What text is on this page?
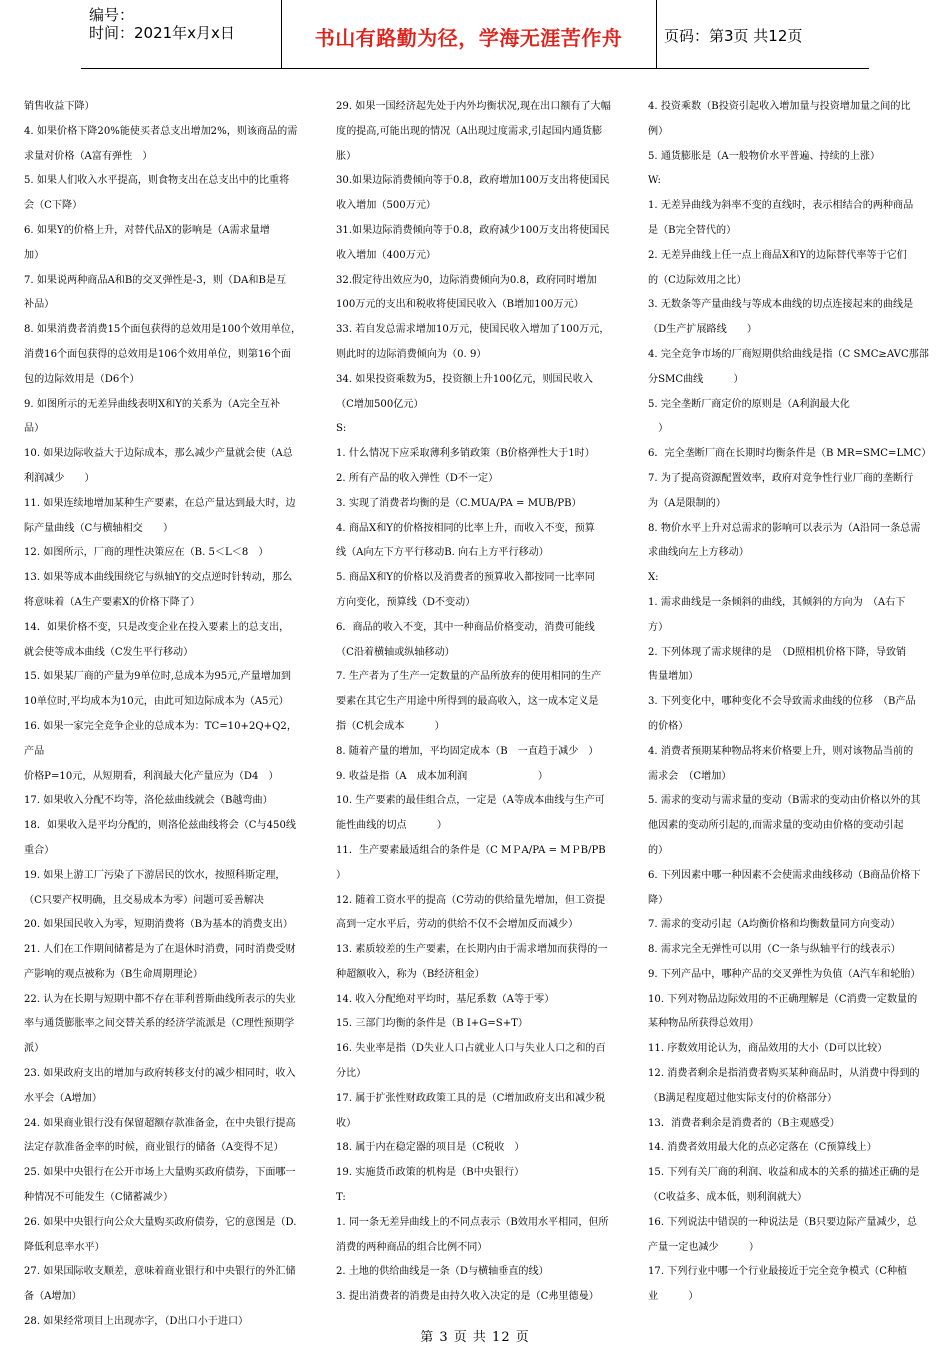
编号：
时间：2021年x月x日	书山有路勤为径，学海无涯苦作舟	页码：第3页 共12页
销售收益下降）
4. 如果价格下降20%能使买者总支出增加2%，则该商品的需
求量对价格（A富有弹性　）
5. 如果人们收入水平提高，则食物支出在总支出中的比重将
会（C下降）
6. 如果Y的价格上升，对替代品X的影响是（A需求量增
加）
7. 如果说两种商品A和B的交叉弹性是-3，则（DA和B是互
补品）
8. 如果消费者消费15个面包获得的总效用是100个效用单位，
消费16个面包获得的总效用是106个效用单位，则第16个面
包的边际效用是（D6个）
9. 如图所示的无差异曲线表明X和Y的关系为（A完全互补
品）
10. 如果边际收益大于边际成本，那么减少产量就会使（A总
利润减少　　）
11. 如果连续地增加某种生产要素，在总产量达到最大时，边
际产量曲线（C与横轴相交　　）
12. 如图所示，厂商的理性决策应在（B. 5＜L＜8　）
13. 如果等成本曲线围绕它与纵轴Y的交点逆时针转动，那么
将意味着（A生产要素X的价格下降了）
14．如果价格不变，只是改变企业在投入要素上的总支出，
就会使等成本曲线（C发生平行移动）
15. 如果某厂商的产量为9单位时,总成本为95元,产量增加到
10单位时,平均成本为10元，由此可知边际成本为（A5元）
16. 如果一家完全竞争企业的总成本为：TC=10+2Q+Q2，产品
价格P=10元，从短期看，利润最大化产量应为（D4　）
17. 如果收入分配不均等，洛伦兹曲线就会（B越弯曲）
18．如果收入是平均分配的，则洛伦兹曲线将会（C与450线
重合）
19. 如果上游工厂污染了下游居民的饮水，按照科斯定理，
（C只要产权明确，且交易成本为零）问题可妥善解决
20. 如果国民收入为零，短期消费将（B为基本的消费支出）
21. 人们在工作期间储蓄是为了在退休时消费，同时消费受财
产影响的观点被称为（B生命周期理论）
22. 认为在长期与短期中都不存在菲利普斯曲线所表示的失业
率与通货膨胀率之间交替关系的经济学流派是（C理性预期学
派）
23. 如果政府支出的增加与政府转移支付的减少相同时，收入
水平会（A增加）
24. 如果商业银行没有保留超额存款准备金，在中央银行提高
法定存款准备金率的时候，商业银行的储备（A变得不足）
25. 如果中央银行在公开市场上大量购买政府债券，下面哪一
种情况不可能发生（C储蓄减少）
26. 如果中央银行向公众大量购买政府债券，它的意图是（D.
降低利息率水平）
27. 如果国际收支顺差，意味着商业银行和中央银行的外汇储
备（A增加）
28. 如果经常项目上出现赤字，（D出口小于进口）
29. 如果一国经济起先处于内外均衡状况,现在出口额有了大幅
度的提高,可能出现的情况（A出现过度需求,引起国内通货膨
胀）
30.如果边际消费倾向等于0.8，政府增加100万支出将使国民
收入增加（500万元）
31.如果边际消费倾向等于0.8，政府减少100万支出将使国民
收入增加（400万元）
32.假定待出效应为0，边际消费倾向为0.8，政府同时增加
100万元的支出和税收将使国民收入（B增加100万元）
33. 若自发总需求增加10万元，使国民收入增加了100万元，
则此时的边际消费倾向为（0. 9）
34. 如果投资乘数为5，投资额上升100亿元，则国民收入
（C增加500亿元）
S:
1. 什么情况下应采取薄利多销政策（B价格弹性大于1时）
2. 所有产品的收入弹性（D不一定）
3. 实现了消费者均衡的是（C.MUA/PA = MUB/PB）
4. 商品X和Y的价格按相同的比率上升，而收入不变，预算
线（A向左下方平行移动B. 向右上方平行移动）
5. 商品X和Y的价格以及消费者的预算收入都按同一比率同
方向变化，预算线（D不变动）
6．商品的收入不变，其中一种商品价格变动，消费可能线
（C沿着横轴或纵轴移动）
7. 生产者为了生产一定数量的产品所放弃的使用相同的生产
要素在其它生产用途中所得到的最高收入，这一成本定义是
指（C机会成本　　　）
8. 随着产量的增加，平均固定成本（B　一直趋于减少　）
9. 收益是指（A　成本加利润　　　　　　　）
10. 生产要素的最佳组合点，一定是（A等成本曲线与生产可
能性曲线的切点　　　）
11．生产要素最适组合的条件是（C MＰA/PA = MＰB/PB
）
12. 随着工资水平的提高（C劳动的供给量先增加，但工资提
高到一定水平后，劳动的供给不仅不会增加反而减少）
13. 素质较差的生产要素，在长期内由于需求增加而获得的一
种超额收入，称为（B经济租金）
14. 收入分配绝对平均时，基尼系数（A等于零）
15. 三部门均衡的条件是（B I+G=S+T）
16. 失业率是指（D失业人口占就业人口与失业人口之和的百
分比）
17. 属于扩张性财政政策工具的是（C增加政府支出和减少税
收）
18. 属于内在稳定器的项目是（C税收　）
19. 实施货币政策的机构是（B中央银行）
T:
1. 同一条无差异曲线上的不同点表示（B效用水平相同，但所
消费的两种商品的组合比例不同）
2. 土地的供给曲线是一条（D与横轴垂直的线）
3. 提出消费者的消费是由持久收入决定的是（C弗里德曼）
4. 投资乘数（B投资引起收入增加量与投资增加量之间的比
例）
5. 通货膨胀是（A一般物价水平普遍、持续的上涨）
W:
1. 无差异曲线为斜率不变的直线时，表示相结合的两种商品
是（B完全替代的）
2. 无差异曲线上任一点上商品X和Y的边际替代率等于它们
的（C边际效用之比）
3. 无数条等产量曲线与等成本曲线的切点连接起来的曲线是
（D生产扩展路线　　）
4. 完全竞争市场的厂商短期供给曲线是指（C SMC≥AVC那部
分SMC曲线　　　）
5. 完全垄断厂商定价的原则是（A利润最大化
　）
6．完全垄断厂商在长期时均衡条件是（B MR=SMC=LMC）
7. 为了提高资源配置效率，政府对竞争性行业厂商的垄断行
为（A是限制的）
8. 物价水平上升对总需求的影响可以表示为（A沿同一条总需
求曲线向左上方移动）
X:
1. 需求曲线是一条倾斜的曲线，其倾斜的方向为　（A右下
方）
2. 下列体现了需求规律的是　（D照相机价格下降，导致销
售量增加）
3. 下列变化中，哪种变化不会导致需求曲线的位移　（B产品
的价格）
4. 消费者预期某种物品将来价格要上升，则对该物品当前的
需求会　（C增加）
5. 需求的变动与需求量的变动（B需求的变动由价格以外的其
他因素的变动所引起的,而需求量的变动由价格的变动引起
的）
6. 下列因素中哪一种因素不会使需求曲线移动（B商品价格下
降）
7. 需求的变动引起（A均衡价格和均衡数量同方向变动）
8. 需求完全无弹性可以用（C一条与纵轴平行的线表示）
9. 下列产品中，哪种产品的交叉弹性为负值（A汽车和轮胎）
10. 下列对物品边际效用的不正确理解是（C消费一定数量的
某种物品所获得总效用）
11. 序数效用论认为，商品效用的大小（D可以比较）
12. 消费者剩余是指消费者购买某种商品时，从消费中得到的
（B满足程度超过他实际支付的价格部分）
13．消费者剩余是消费者的（B主观感受）
14. 消费者效用最大化的点必定落在（C预算线上）
15. 下列有关厂商的利润、收益和成本的关系的描述正确的是
（C收益多、成本低，则利润就大）
16. 下列说法中错误的一种说法是（B只要边际产量减少，总
产量一定也减少　　　）
17. 下列行业中哪一个行业最接近于完全竞争模式（C种植
业　　　）
第 3 页 共 12 页
